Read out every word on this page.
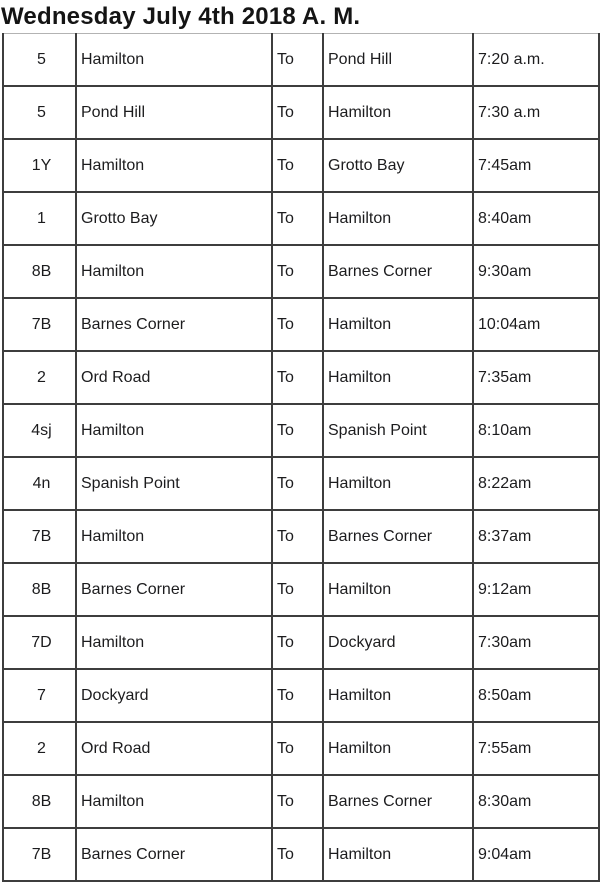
Wednesday July 4th 2018 A. M.
5	Hamilton	To	Pond Hill	7:20 a.m.
5	Pond Hill	To	Hamilton	7:30 a.m
1Y	Hamilton	To	Grotto Bay	7:45am
1	Grotto Bay	To	Hamilton	8:40am
8B	Hamilton	To	Barnes Corner	9:30am
7B	Barnes Corner	To	Hamilton	10:04am
2	Ord Road	To	Hamilton	7:35am
4sj	Hamilton	To	Spanish Point	8:10am
4n	Spanish Point	To	Hamilton	8:22am
7B	Hamilton	To	Barnes Corner	8:37am
8B	Barnes Corner	To	Hamilton	9:12am
7D	Hamilton	To	Dockyard	7:30am
7	Dockyard	To	Hamilton	8:50am
2	Ord Road	To	Hamilton	7:55am
8B	Hamilton	To	Barnes Corner	8:30am
7B	Barnes Corner	To	Hamilton	9:04am
